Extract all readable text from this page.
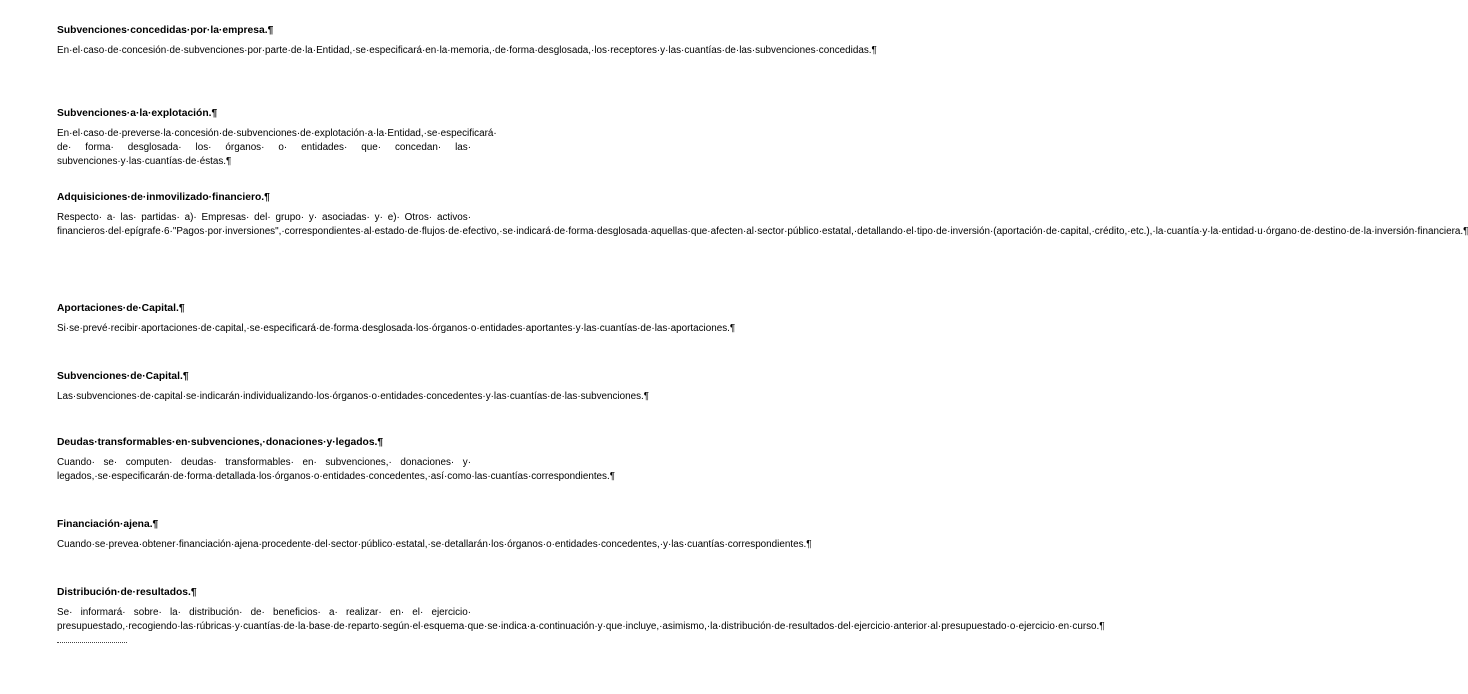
Subvenciones·concedidas·por·la·empresa.¶

En·el·caso·de·concesión·de·subvenciones·por·parte·de·la·Entidad,·se·especificará·en·la·memoria,·de·forma·desglosada,·los·receptores·y·las·cuantías·de·las·subvenciones·concedidas.¶

Subvenciones·a·la·explotación.¶

En·el·caso·de·preverse·la·concesión·de·subvenciones·de·explotación·a·la·Entidad,·se·especificará· de· forma· desglosada· los· órganos· o· entidades· que· concedan· las· subvenciones·y·las·cuantías·de·éstas.¶

Adquisiciones·de·inmovilizado·financiero.¶

Respecto· a· las· partidas· a)· Empresas· del· grupo· y· asociadas· y· e)· Otros· activos· financieros·del·epígrafe·6·"Pagos·por·inversiones",·correspondientes·al·estado·de·flujos·de·efectivo,·se·indicará·de·forma·desglosada·aquellas·que·afecten·al·sector·público·estatal,·detallando·el·tipo·de·inversión·(aportación·de·capital,·crédito,·etc.),·la·cuantía·y·la·entidad·u·órgano·de·destino·de·la·inversión·financiera.¶

Aportaciones·de·Capital.¶

Si·se·prevé·recibir·aportaciones·de·capital,·se·especificará·de·forma·desglosada·los·órganos·o·entidades·aportantes·y·las·cuantías·de·las·aportaciones.¶

Subvenciones·de·Capital.¶

Las·subvenciones·de·capital·se·indicarán·individualizando·los·órganos·o·entidades·concedentes·y·las·cuantías·de·las·subvenciones.¶

Deudas·transformables·en·subvenciones,·donaciones·y·legados.¶

Cuando· se· computen· deudas· transformables· en· subvenciones,· donaciones· y· legados,·se·especificarán·de·forma·detallada·los·órganos·o·entidades·concedentes,·así·como·las·cuantías·correspondientes.¶

Financiación·ajena.¶

Cuando·se·prevea·obtener·financiación·ajena·procedente·del·sector·público·estatal,·se·detallarán·los·órganos·o·entidades·concedentes,·y·las·cuantías·correspondientes.¶

Distribución·de·resultados.¶

Se· informará· sobre· la· distribución· de· beneficios· a· realizar· en· el· ejercicio· presupuestado,·recogiendo·las·rúbricas·y·cuantías·de·la·base·de·reparto·según·el·esquema·que·se·indica·a·continuación·y·que·incluye,·asimismo,·la·distribución·de·resultados·del·ejercicio·anterior·al·presupuestado·o·ejercicio·en·curso.¶
